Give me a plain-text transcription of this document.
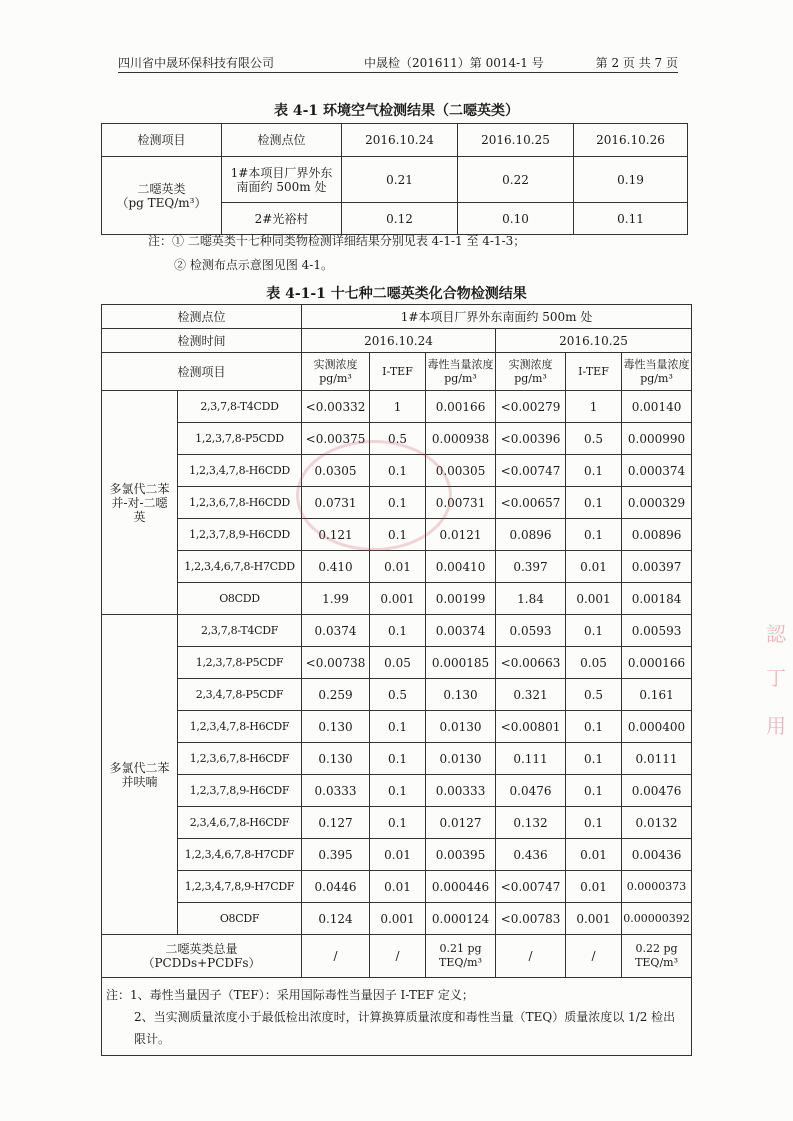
四川省中晟环保科技有限公司	中晟检（201611）第 0014-1 号	第 2 页 共 7 页
表 4-1 环境空气检测结果（二噁英类）
检测项目	检测点位	2016.10.24	2016.10.25	2016.10.26

二噁英类
（pg TEQ/m³）	1#本项目厂界外东南面约 500m 处	0.21	0.22	0.19
	2#光裕村	0.12	0.10	0.11
注：① 二噁英类十七种同类物检测详细结果分别见表 4-1-1 至 4-1-3；
② 检测布点示意图见图 4-1。
表 4-1-1 十七种二噁英类化合物检测结果
检测点位		1#本项目厂界外东南面约 500m 处					
检测时间		2016.10.24			2016.10.25		
检测项目		实测浓度 pg/m³	I-TEF	毒性当量浓度 pg/m³	实测浓度 pg/m³	I-TEF	毒性当量浓度 pg/m³
多氯代二苯并-对-二噁英	2,3,7,8-T4CDD	<0.00332	1	0.00166	<0.00279	1	0.00140
	1,2,3,7,8-P5CDD	<0.00375	0.5	0.000938	<0.00396	0.5	0.000990
	1,2,3,4,7,8-H6CDD	0.0305	0.1	0.00305	<0.00747	0.1	0.000374
	1,2,3,6,7,8-H6CDD	0.0731	0.1	0.00731	<0.00657	0.1	0.000329
	1,2,3,7,8,9-H6CDD	0.121	0.1	0.0121	0.0896	0.1	0.00896
	1,2,3,4,6,7,8-H7CDD	0.410	0.01	0.00410	0.397	0.01	0.00397
	O8CDD	1.99	0.001	0.00199	1.84	0.001	0.00184
多氯代二苯并呋喃	2,3,7,8-T4CDF	0.0374	0.1	0.00374	0.0593	0.1	0.00593
	1,2,3,7,8-P5CDF	<0.00738	0.05	0.000185	<0.00663	0.05	0.000166
	2,3,4,7,8-P5CDF	0.259	0.5	0.130	0.321	0.5	0.161
	1,2,3,4,7,8-H6CDF	0.130	0.1	0.0130	<0.00801	0.1	0.000400
	1,2,3,6,7,8-H6CDF	0.130	0.1	0.0130	0.111	0.1	0.0111
	1,2,3,7,8,9-H6CDF	0.0333	0.1	0.00333	0.0476	0.1	0.00476
	2,3,4,6,7,8-H6CDF	0.127	0.1	0.0127	0.132	0.1	0.0132
	1,2,3,4,6,7,8-H7CDF	0.395	0.01	0.00395	0.436	0.01	0.00436
	1,2,3,4,7,8,9-H7CDF	0.0446	0.01	0.000446	<0.00747	0.01	0.0000373
	O8CDF	0.124	0.001	0.000124	<0.00783	0.001	0.00000392

二噁英类总量
（PCDDs+PCDFs）		/	/	0.21 pg TEQ/m³	/	/	0.22 pg TEQ/m³

注：1、毒性当量因子（TEF）：采用国际毒性当量因子 I-TEF 定义；
2、当实测质量浓度小于最低检出浓度时，计算换算质量浓度和毒性当量（TEQ）质量浓度以 1/2 检出限计。							
認
丁
用
